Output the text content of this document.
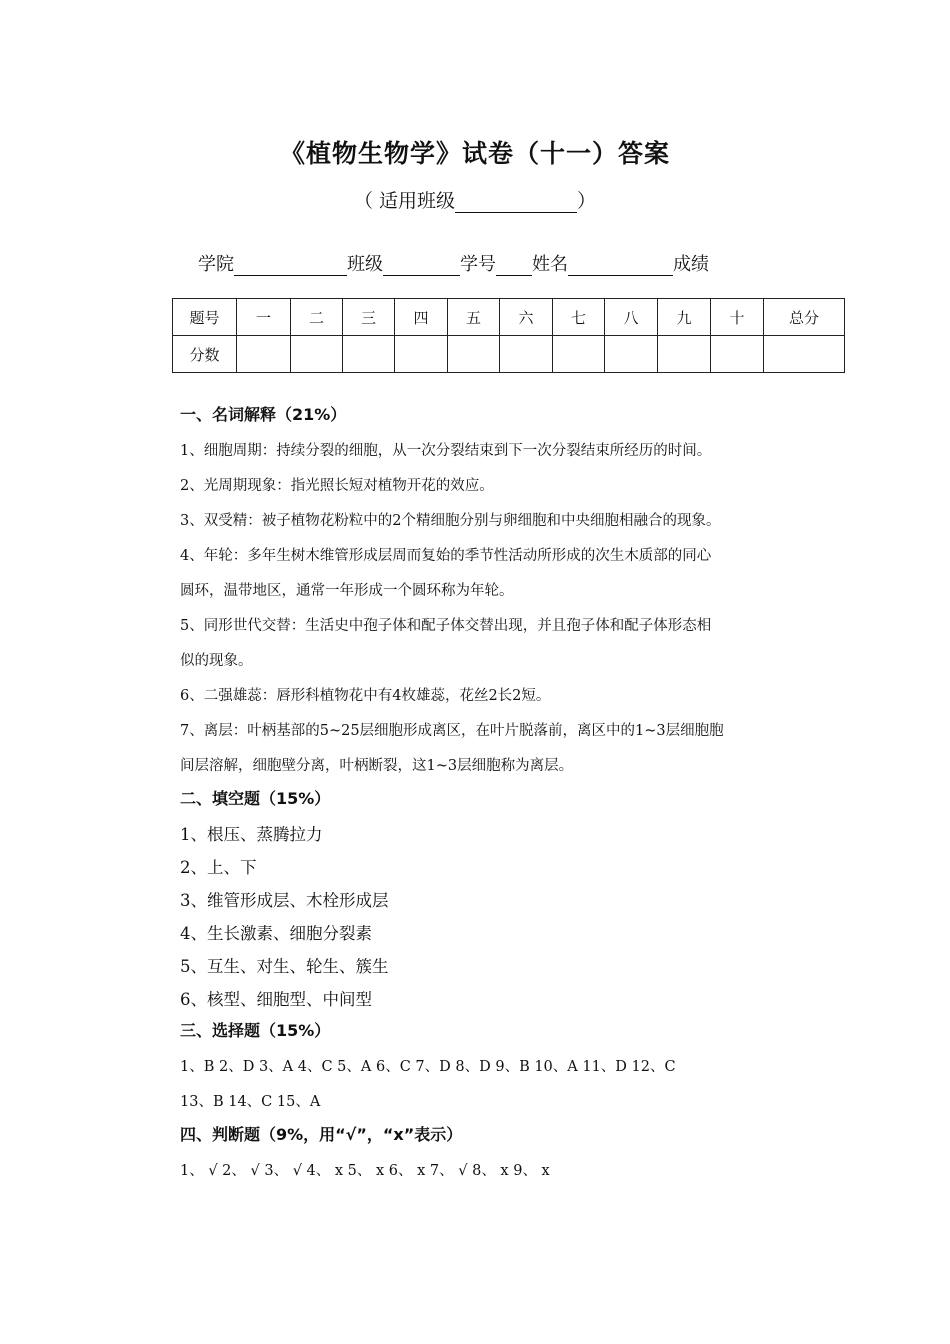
《植物生物学》试卷（十一）答案
（ 适用班级	）
学院	班级	学号 姓名	成绩
题号	一	二	三	四	五	六	七	八	九	十	总分
分数											
一、名词解释（21%）
1、细胞周期：持续分裂的细胞，从一次分裂结束到下一次分裂结束所经历的时间。
2、光周期现象：指光照长短对植物开花的效应。
3、双受精：被子植物花粉粒中的2个精细胞分别与卵细胞和中央细胞相融合的现象。
4、年轮：多年生树木维管形成层周而复始的季节性活动所形成的次生木质部的同心
圆环，温带地区，通常一年形成一个圆环称为年轮。
5、同形世代交替：生活史中孢子体和配子体交替出现，并且孢子体和配子体形态相
似的现象。
6、二强雄蕊：唇形科植物花中有4枚雄蕊，花丝2长2短。
7、离层：叶柄基部的5~25层细胞形成离区，在叶片脱落前，离区中的1~3层细胞胞
间层溶解，细胞壁分离，叶柄断裂，这1~3层细胞称为离层。
二、填空题（15%）
1、根压、蒸腾拉力
2、上、下
3、维管形成层、木栓形成层
4、生长激素、细胞分裂素
5、互生、对生、轮生、簇生
6、核型、细胞型、中间型
三、选择题（15%）
1、B 2、D 3、A 4、C 5、A 6、C 7、D 8、D 9、B 10、A 11、D 12、C
13、B 14、C 15、A
四、判断题（9%，用“√”，“x”表示）
1、 √ 2、 √ 3、 √ 4、 x 5、 x 6、 x 7、 √ 8、 x 9、 x
